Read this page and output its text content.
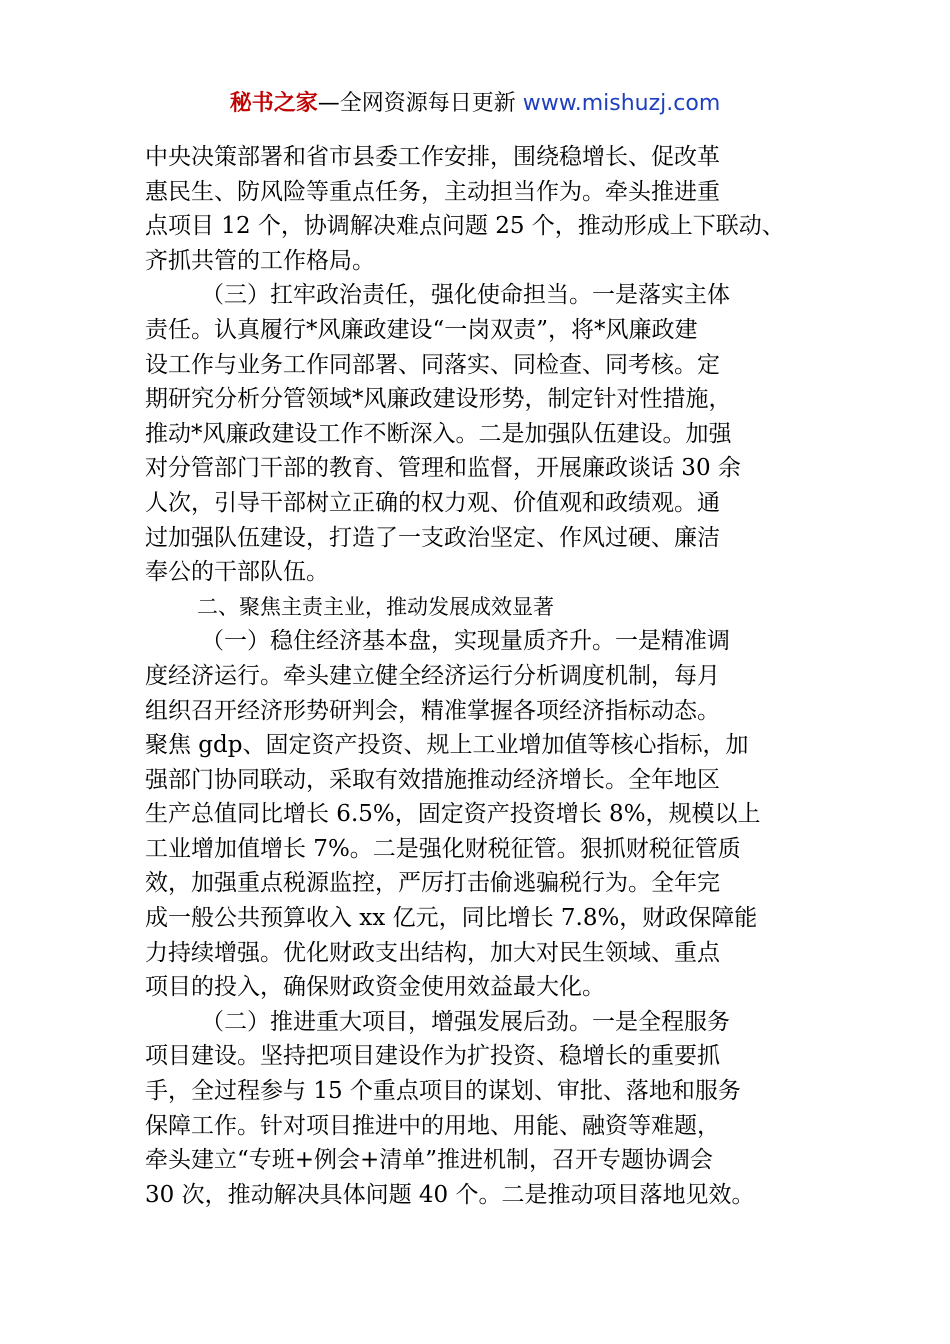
秘书之家—全网资源每日更新 www.mishuzj.com
中央决策部署和省市县委工作安排，围绕稳增长、促改革
惠民生、防风险等重点任务，主动担当作为。牵头推进重
点项目 12 个，协调解决难点问题 25 个，推动形成上下联动、
齐抓共管的工作格局。
（三）扛牢政治责任，强化使命担当。一是落实主体
责任。认真履行*风廉政建设“一岗双责”，将*风廉政建
设工作与业务工作同部署、同落实、同检查、同考核。定
期研究分析分管领域*风廉政建设形势，制定针对性措施，
推动*风廉政建设工作不断深入。二是加强队伍建设。加强
对分管部门干部的教育、管理和监督，开展廉政谈话 30 余
人次，引导干部树立正确的权力观、价值观和政绩观。通
过加强队伍建设，打造了一支政治坚定、作风过硬、廉洁
奉公的干部队伍。
二、聚焦主责主业，推动发展成效显著
（一）稳住经济基本盘，实现量质齐升。一是精准调
度经济运行。牵头建立健全经济运行分析调度机制，每月
组织召开经济形势研判会，精准掌握各项经济指标动态。
聚焦 gdp、固定资产投资、规上工业增加值等核心指标，加
强部门协同联动，采取有效措施推动经济增长。全年地区
生产总值同比增长 6.5%，固定资产投资增长 8%，规模以上
工业增加值增长 7%。二是强化财税征管。狠抓财税征管质
效，加强重点税源监控，严厉打击偷逃骗税行为。全年完
成一般公共预算收入 xx 亿元，同比增长 7.8%，财政保障能
力持续增强。优化财政支出结构，加大对民生领域、重点
项目的投入，确保财政资金使用效益最大化。
（二）推进重大项目，增强发展后劲。一是全程服务
项目建设。坚持把项目建设作为扩投资、稳增长的重要抓
手，全过程参与 15 个重点项目的谋划、审批、落地和服务
保障工作。针对项目推进中的用地、用能、融资等难题，
牵头建立“专班+例会+清单”推进机制，召开专题协调会
30 次，推动解决具体问题 40 个。二是推动项目落地见效。
